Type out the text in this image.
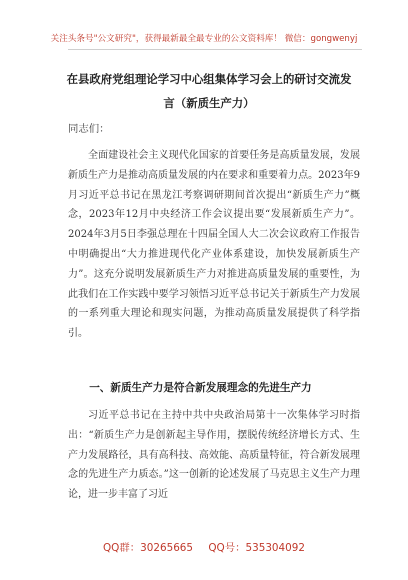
关注头条号"公文研究"，获得最新最全最专业的公文资料库！ 微信：gongwenyj
在县政府党组理论学习中心组集体学习会上的研讨交流发言（新质生产力）
同志们：

全面建设社会主义现代化国家的首要任务是高质量发展，发展新质生产力是推动高质量发展的内在要求和重要着力点。2023年9月习近平总书记在黑龙江考察调研期间首次提出“新质生产力”概念，2023年12月中央经济工作会议提出要“发展新质生产力”。2024年3月5日李强总理在十四届全国人大二次会议政府工作报告中明确提出“大力推进现代化产业体系建设，加快发展新质生产力”。这充分说明发展新质生产力对推进高质量发展的重要性，为此我们在工作实践中要学习领悟习近平总书记关于新质生产力发展的一系列重大理论和现实问题，为推动高质量发展提供了科学指引。

一、新质生产力是符合新发展理念的先进生产力

习近平总书记在主持中共中央政治局第十一次集体学习时指出：“新质生产力是创新起主导作用，摆脱传统经济增长方式、生产力发展路径，具有高科技、高效能、高质量特征，符合新发展理念的先进生产力质态。”这一创新的论述发展了马克思主义生产力理论，进一步丰富了习近

QQ群：30265665 QQ号：535304092
